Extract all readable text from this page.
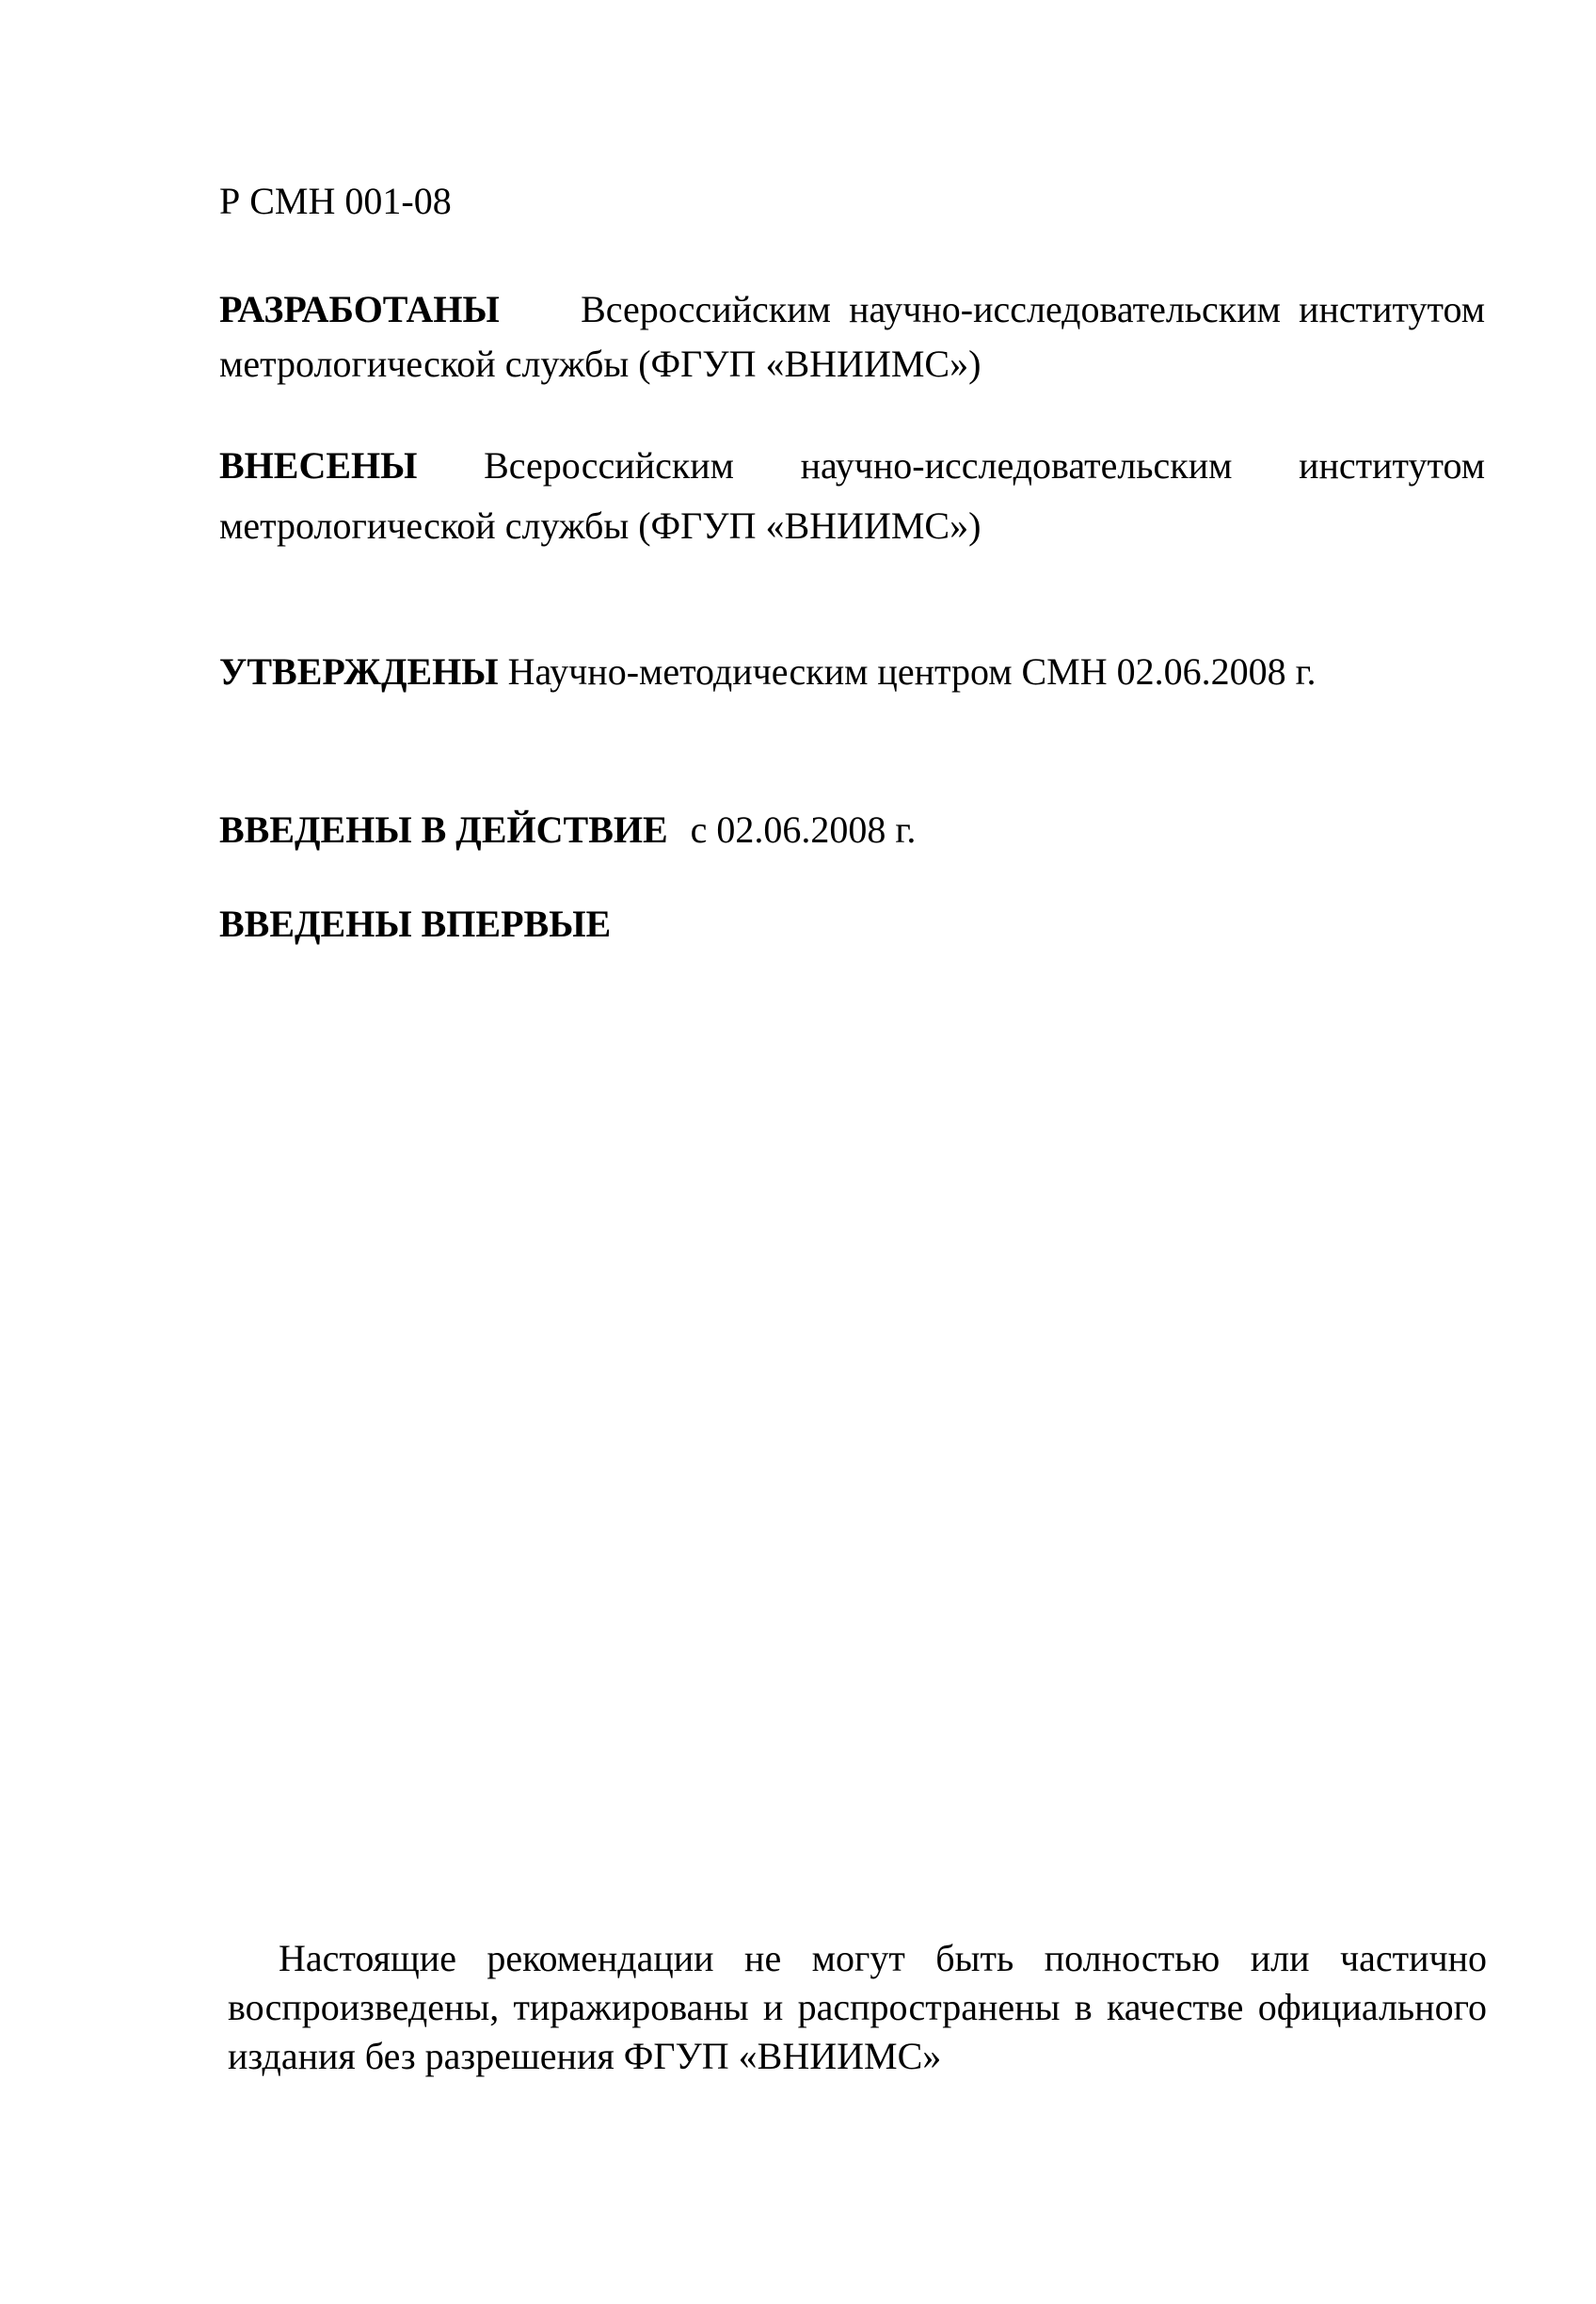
Р СМН 001-08
РАЗРАБОТАНЫ Всероссийским научно-исследовательским институтом метрологической службы (ФГУП «ВНИИМС»)
ВНЕСЕНЫ Всероссийским научно-исследовательским институтом метрологической службы (ФГУП «ВНИИМС»)
УТВЕРЖДЕНЫ Научно-методическим центром СМН 02.06.2008 г.
ВВЕДЕНЫ В ДЕЙСТВИЕ с 02.06.2008 г.
ВВЕДЕНЫ ВПЕРВЫЕ
Настоящие рекомендации не могут быть полностью или частично воспроизведены, тиражированы и распространены в качестве официального издания без разрешения ФГУП «ВНИИМС»
